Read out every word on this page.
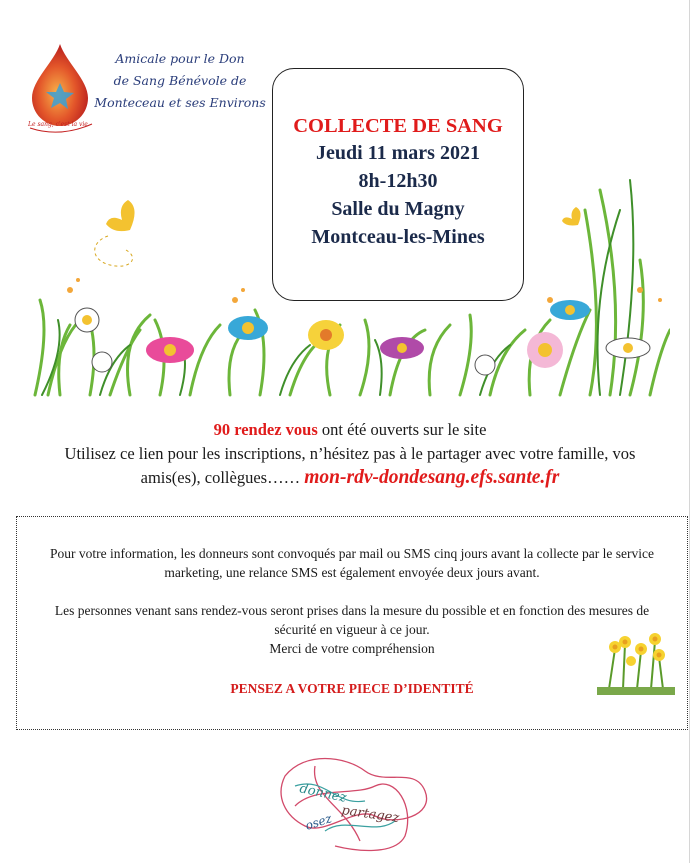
Le sang, c'est la vie
Amicale pour le Don
de Sang Bénévole de
Monteceau et ses Environs
COLLECTE DE SANG
Jeudi 11 mars 2021
8h-12h30
Salle du Magny
Montceau-les-Mines
90 rendez vous ont été ouverts sur le site
Utilisez ce lien pour les inscriptions, n’hésitez pas à le partager avec votre famille, vos
amis(es), collègues…… mon-rdv-dondesang.efs.sante.fr

Pour votre information, les donneurs sont convoqués par mail ou SMS cinq jours avant la collecte par le service marketing, une relance SMS est également envoyée deux jours avant.

Les personnes venant sans rendez-vous seront prises dans la mesure du possible et en fonction des mesures de sécurité en vigueur à ce jour.

Merci de votre compréhension

PENSEZ A VOTRE PIECE D’IDENTITÉ

donnez
partagez
osez
